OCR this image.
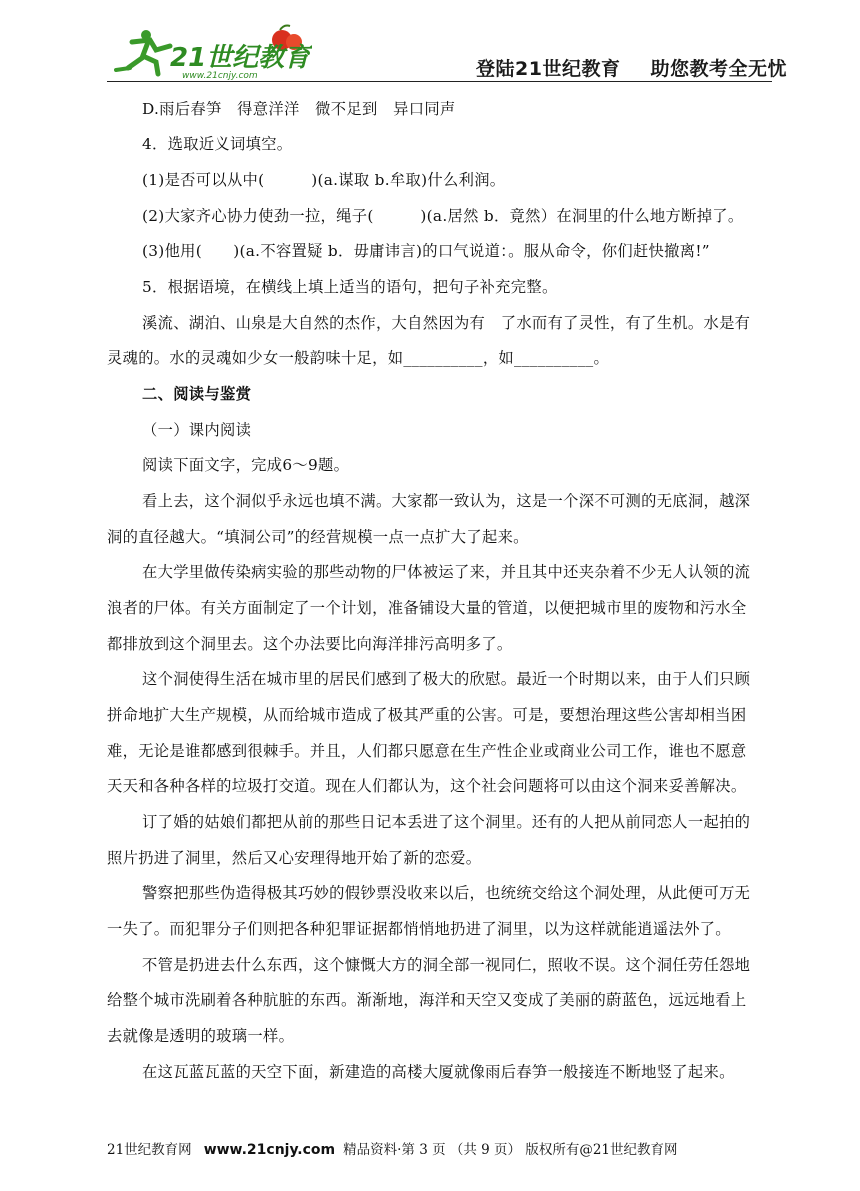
21世纪教育
www.21cnjy.com	登陆21世纪教育 助您教考全无忧
D.雨后春笋　得意洋洋　微不足到　异口同声
4．选取近义词填空。
(1)是否可以从中(　　　)(a.谋取 b.牟取)什么利润。
(2)大家齐心协力使劲一拉，绳子(　　　)(a.居然 b．竟然）在洞里的什么地方断掉了。
(3)他用(　　)(a.不容置疑 b．毋庸讳言)的口气说道：。服从命令，你们赶快撤离!”
5．根据语境，在横线上填上适当的语句，把句子补充完整。
溪流、湖泊、山泉是大自然的杰作，大自然因为有　了水而有了灵性，有了生机。水是有
灵魂的。水的灵魂如少女一般韵味十足，如__________，如__________。
二、阅读与鉴赏
（一）课内阅读
阅读下面文字，完成6～9题。
看上去，这个洞似乎永远也填不满。大家都一致认为，这是一个深不可测的无底洞，越深
洞的直径越大。“填洞公司”的经营规模一点一点扩大了起来。
在大学里做传染病实验的那些动物的尸体被运了来，并且其中还夹杂着不少无人认领的流
浪者的尸体。有关方面制定了一个计划，准备铺设大量的管道，以便把城市里的废物和污水全
都排放到这个洞里去。这个办法要比向海洋排污高明多了。
这个洞使得生活在城市里的居民们感到了极大的欣慰。最近一个时期以来，由于人们只顾
拼命地扩大生产规模，从而给城市造成了极其严重的公害。可是，要想治理这些公害却相当困
难，无论是谁都感到很棘手。并且，人们都只愿意在生产性企业或商业公司工作，谁也不愿意
天天和各种各样的垃圾打交道。现在人们都认为，这个社会问题将可以由这个洞来妥善解决。
订了婚的姑娘们都把从前的那些日记本丢进了这个洞里。还有的人把从前同恋人一起拍的
照片扔进了洞里，然后又心安理得地开始了新的恋爱。
警察把那些伪造得极其巧妙的假钞票没收来以后，也统统交给这个洞处理，从此便可万无
一失了。而犯罪分子们则把各种犯罪证据都悄悄地扔进了洞里，以为这样就能逍遥法外了。
不管是扔进去什么东西，这个慷慨大方的洞全部一视同仁，照收不误。这个洞任劳任怨地
给整个城市洗刷着各种肮脏的东西。渐渐地，海洋和天空又变成了美丽的蔚蓝色，远远地看上
去就像是透明的玻璃一样。
在这瓦蓝瓦蓝的天空下面，新建造的高楼大厦就像雨后春笋一般接连不断地竖了起来。
21世纪教育网 www.21cnjy.com 精品资料·第 3 页 （共 9 页） 版权所有@21世纪教育网
